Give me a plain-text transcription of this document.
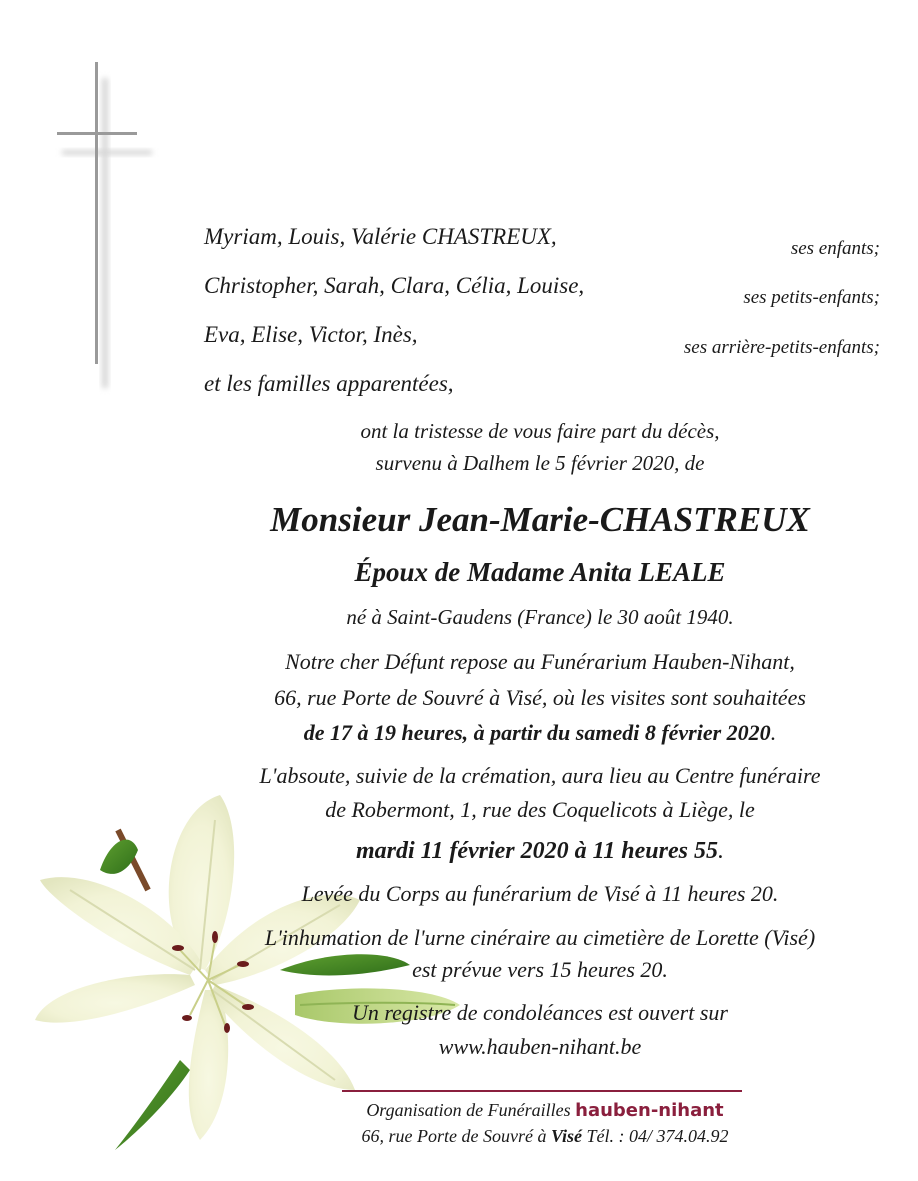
Myriam, Louis, Valérie CHASTREUX,	ses enfants;
Christopher, Sarah, Clara, Célia, Louise,	ses petits-enfants;
Eva, Elise, Victor, Inès,
ses arrière-petits-enfants;
et les familles apparentées,
ont la tristesse de vous faire part du décès,
survenu à Dalhem le 5 février 2020, de
Monsieur Jean-Marie-CHASTREUX
Époux de Madame Anita LEALE
né à Saint-Gaudens (France) le 30 août 1940.
Notre cher Défunt repose au Funérarium Hauben-Nihant,
66, rue Porte de Souvré à Visé, où les visites sont souhaitées
de 17 à 19 heures, à partir du samedi 8 février 2020.
L'absoute, suivie de la crémation, aura lieu au Centre funéraire
de Robermont, 1, rue des Coquelicots à Liège, le
mardi 11 février 2020 à 11 heures 55.
Levée du Corps au funérarium de Visé à 11 heures 20.
L'inhumation de l'urne cinéraire au cimetière de Lorette (Visé)
est prévue vers 15 heures 20.
Un registre de condoléances est ouvert sur
www.hauben-nihant.be
Organisation de Funérailles hauben-nihant
66, rue Porte de Souvré à Visé Tél. : 04/ 374.04.92
